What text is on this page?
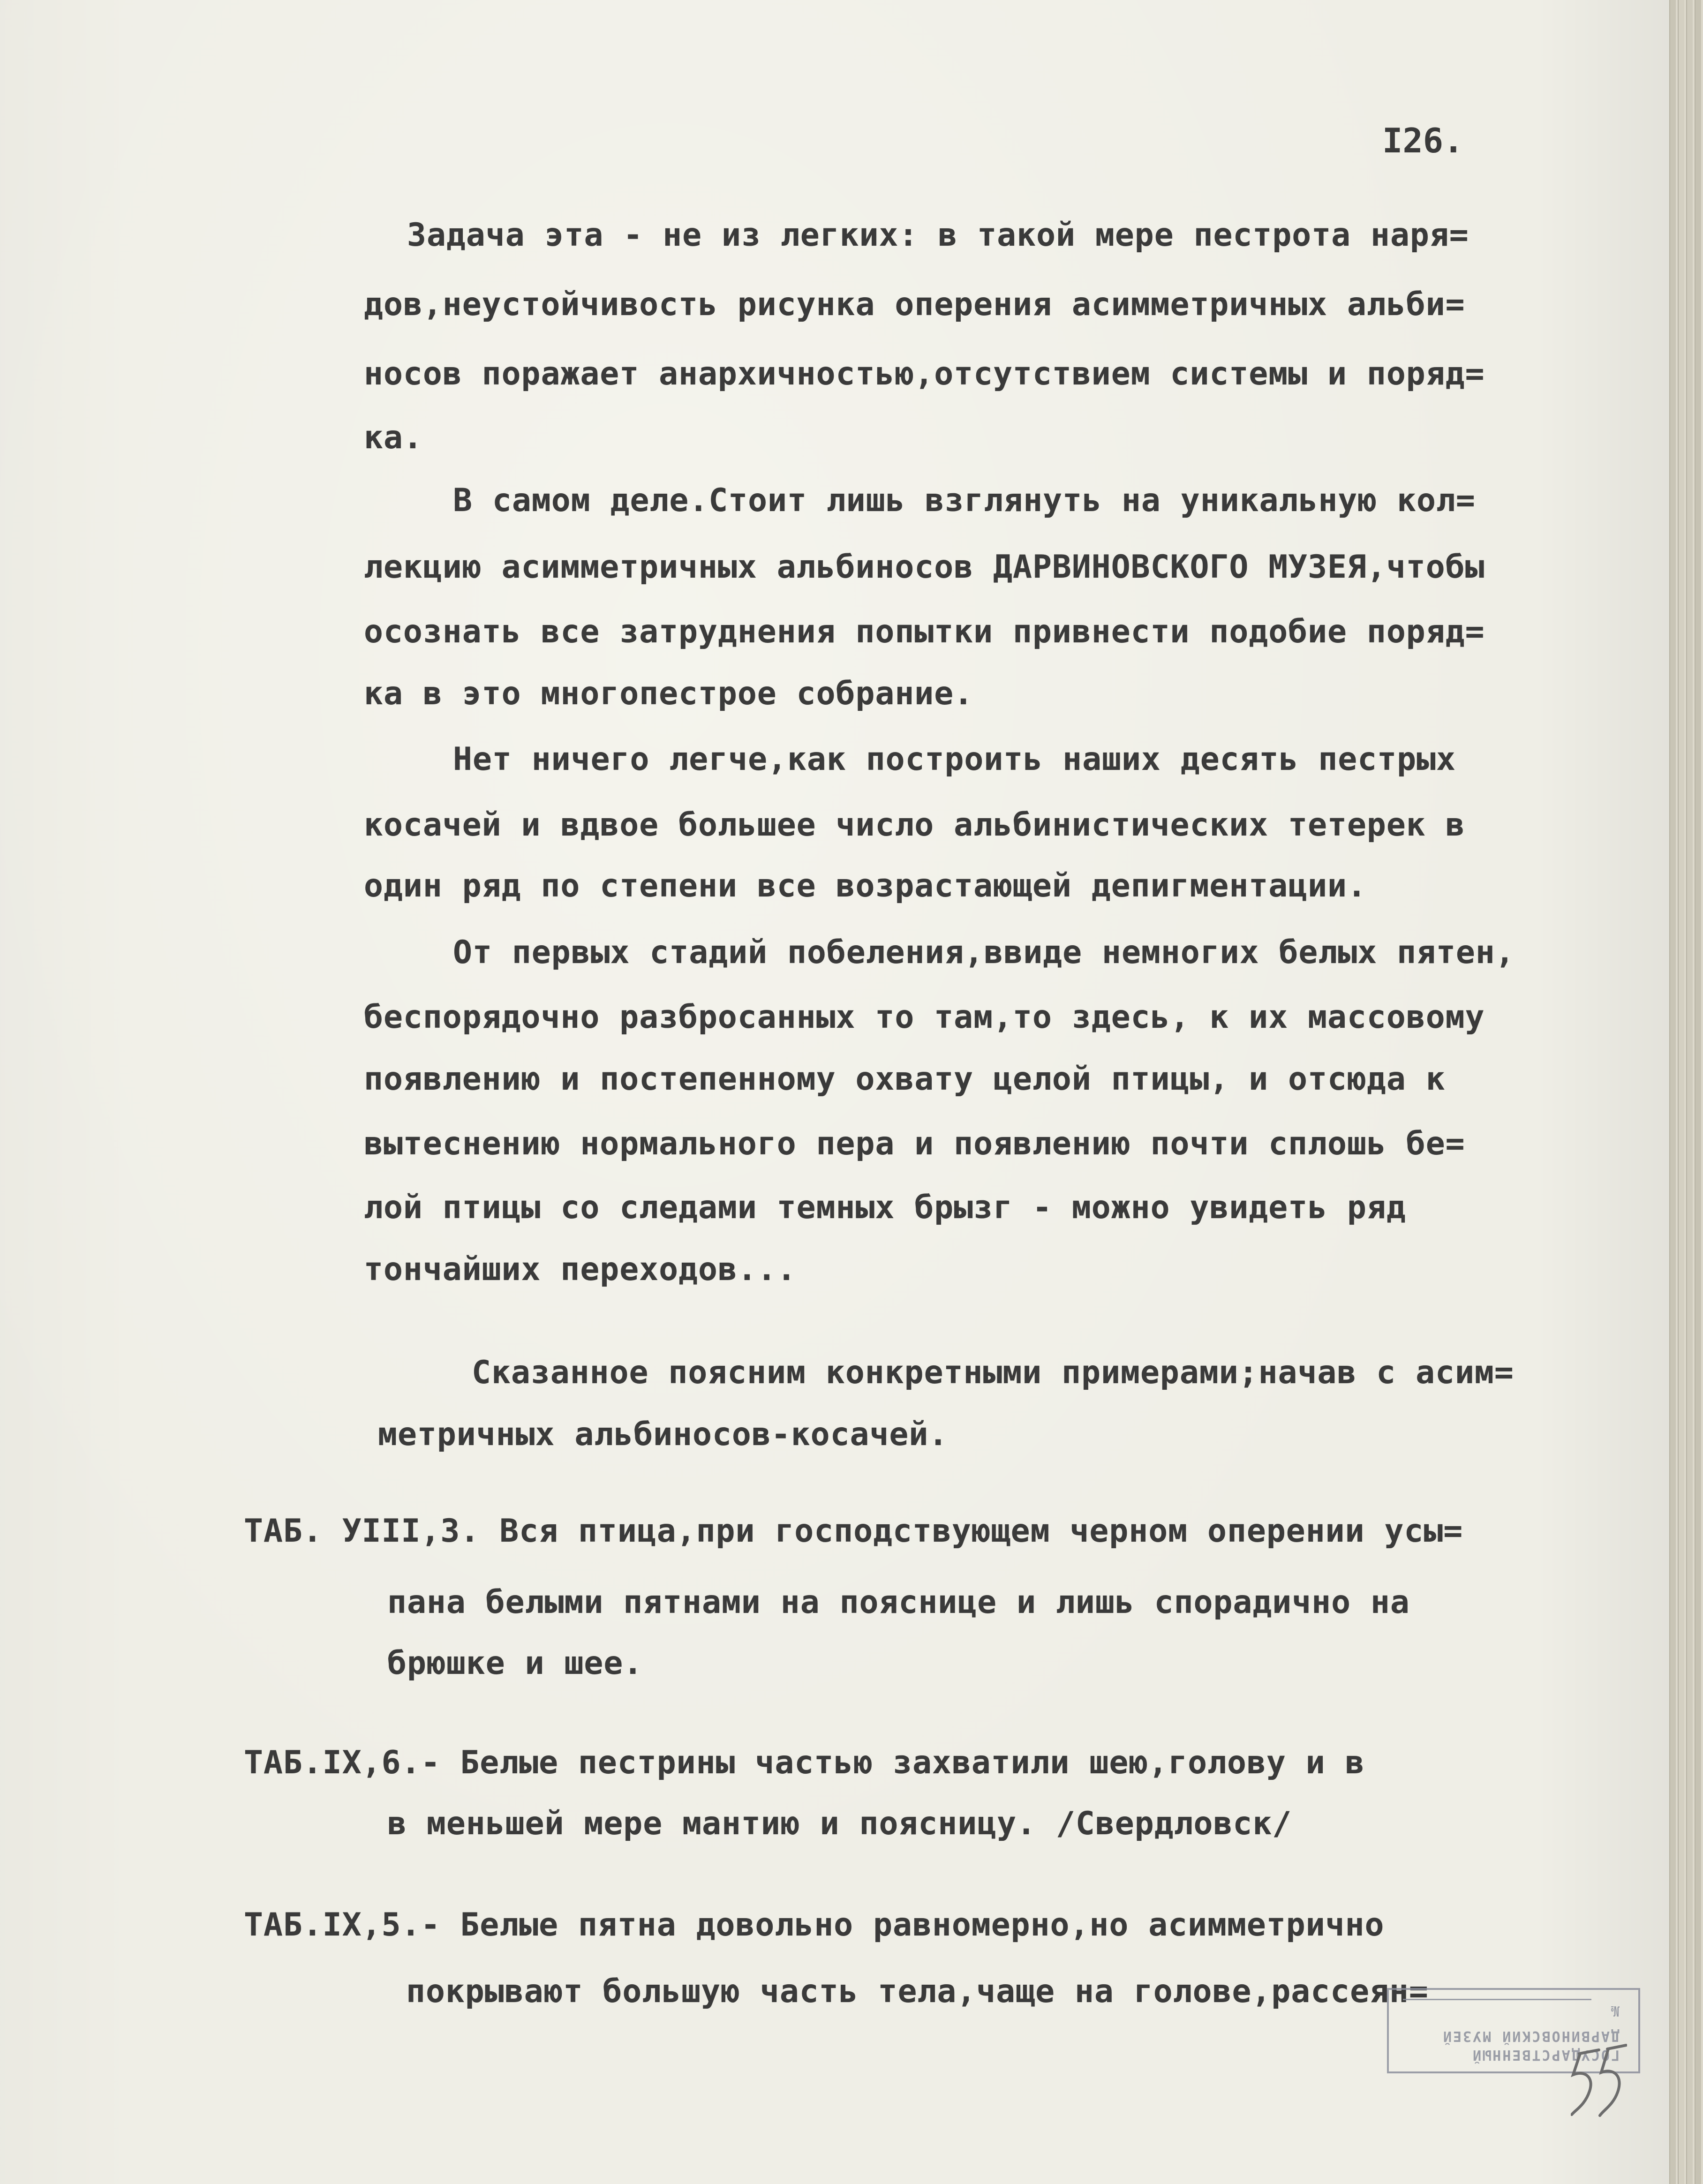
I26.
Задача эта - не из легких: в такой мере пестрота наря=
дов,неустойчивость рисунка оперения асимметричных альби=
носов поражает анархичностью,отсутствием системы и поряд=
ка.
В самом деле.Стоит лишь взглянуть на уникальную кол=
лекцию асимметричных альбиносов ДАРВИНОВСКОГО МУЗЕЯ,чтобы
осознать все затруднения попытки привнести подобие поряд=
ка в это многопестрое собрание.
Нет ничего легче,как построить наших десять пестрых
косачей и вдвое большее число альбинистических тетерек в
один ряд по степени все возрастающей депигментации.
От первых стадий побеления,ввиде немногих белых пятен,
беспорядочно разбросанных то там,то здесь, к их массовому
появлению и постепенному охвату целой птицы, и отсюда к
вытеснению нормального пера и появлению почти сплошь бе=
лой птицы со следами темных брызг - можно увидеть ряд
тончайших переходов...
Сказанное поясним конкретными примерами;начав с асим=
метричных альбиносов-косачей.
ТАБ. УIII,3. Вся птица,при господствующем черном оперении усы=
пана белыми пятнами на пояснице и лишь спорадично на
брюшке и шее.
ТАБ.IX,6.- Белые пестрины частью захватили шею,голову и в
в меньшей мере мантию и поясницу. /Свердловск/
ТАБ.IX,5.- Белые пятна довольно равномерно,но асимметрично
покрывают большую часть тела,чаще на голове,рассеян=
ГОСУДАРСТВЕННЫЙ
ДАРВИНОВСКИЙ МУЗЕЙ
№
